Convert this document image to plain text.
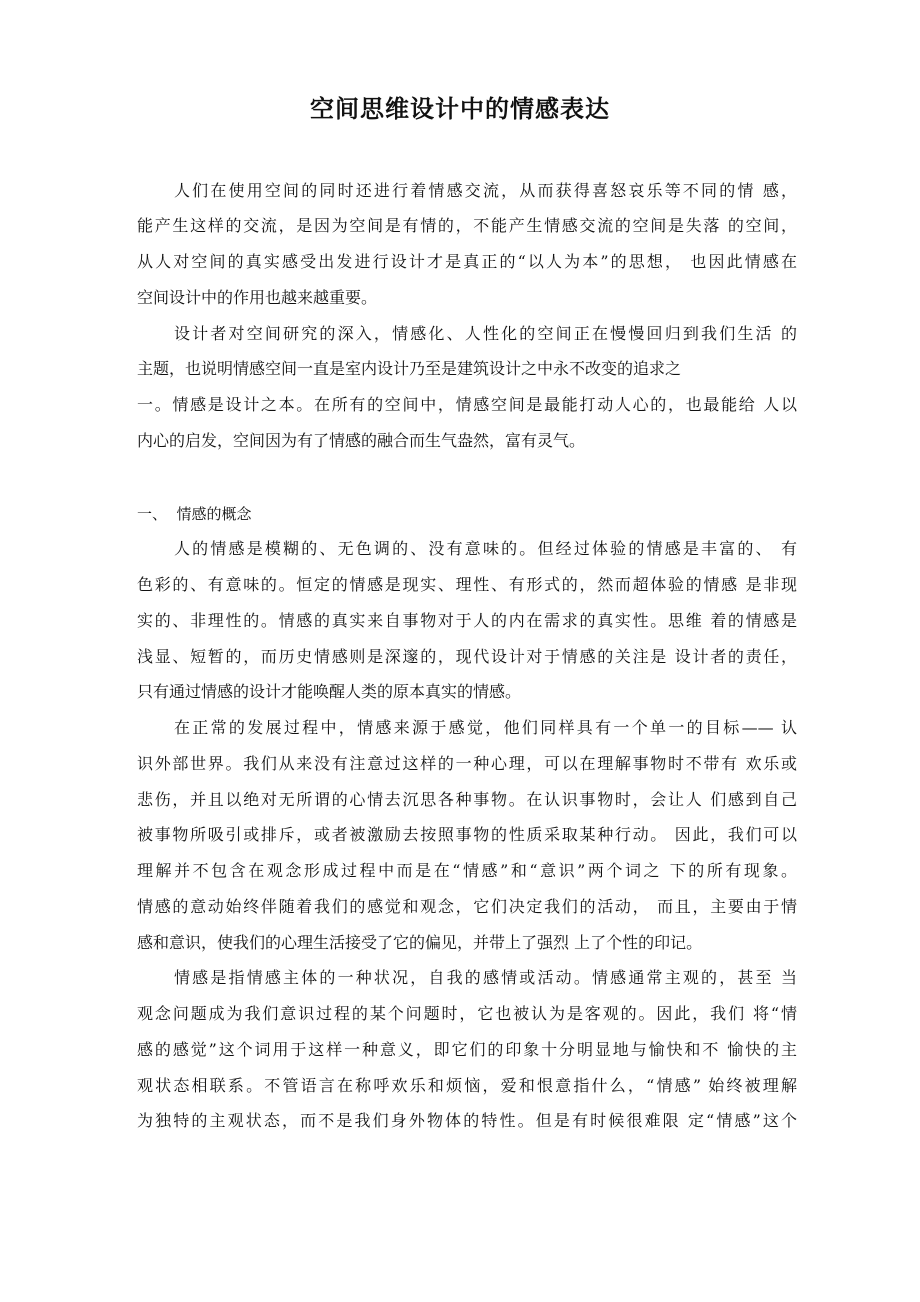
空间思维设计中的情感表达

人们在使用空间的同时还进行着情感交流，从而获得喜怒哀乐等不同的情 感，

能产生这样的交流，是因为空间是有情的，不能产生情感交流的空间是失落 的空间，

从人对空间的真实感受出发进行设计才是真正的“以人为本”的思想， 也因此情感在

空间设计中的作用也越来越重要。

设计者对空间研究的深入，情感化、人性化的空间正在慢慢回归到我们生活 的

主题，也说明情感空间一直是室内设计乃至是建筑设计之中永不改变的追求之

一。情感是设计之本。在所有的空间中，情感空间是最能打动人心的，也最能给 人以

内心的启发，空间因为有了情感的融合而生气盎然，富有灵气。

一、  情感的概念

人的情感是模糊的、无色调的、没有意味的。但经过体验的情感是丰富的、 有

色彩的、有意味的。恒定的情感是现实、理性、有形式的，然而超体验的情感 是非现

实的、非理性的。情感的真实来自事物对于人的内在需求的真实性。思维 着的情感是

浅显、短暂的，而历史情感则是深邃的，现代设计对于情感的关注是 设计者的责任，

只有通过情感的设计才能唤醒人类的原本真实的情感。

在正常的发展过程中，情感来源于感觉，他们同样具有一个单一的目标—— 认

识外部世界。我们从来没有注意过这样的一种心理，可以在理解事物时不带有 欢乐或

悲伤，并且以绝对无所谓的心情去沉思各种事物。在认识事物时，会让人 们感到自己

被事物所吸引或排斥，或者被激励去按照事物的性质采取某种行动。 因此，我们可以

理解并不包含在观念形成过程中而是在“情感”和“意识”两个词之 下的所有现象。

情感的意动始终伴随着我们的感觉和观念，它们决定我们的活动， 而且，主要由于情

感和意识，使我们的心理生活接受了它的偏见，并带上了强烈 上了个性的印记。

情感是指情感主体的一种状况，自我的感情或活动。情感通常主观的，甚至 当

观念问题成为我们意识过程的某个问题时，它也被认为是客观的。因此，我们 将“情

感的感觉”这个词用于这样一种意义，即它们的印象十分明显地与愉快和不 愉快的主

观状态相联系。不管语言在称呼欢乐和烦恼，爱和恨意指什么，“情感” 始终被理解

为独特的主观状态，而不是我们身外物体的特性。但是有时候很难限 定“情感”这个
